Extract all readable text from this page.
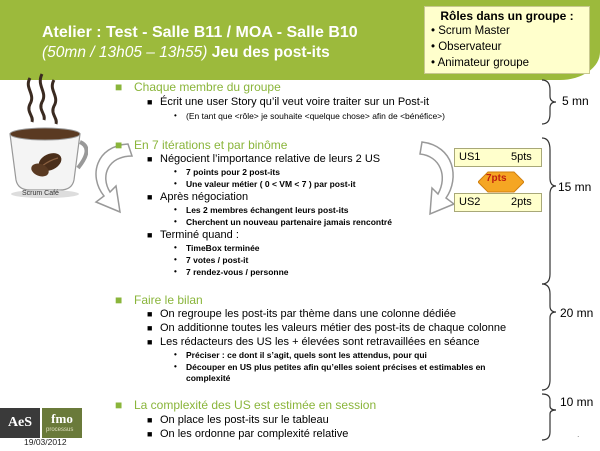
Atelier : Test - Salle B11 / MOA - Salle B10
(50mn / 13h05 – 13h55) Jeu des post-its
Rôles dans un groupe :
• Scrum Master
• Observateur
• Animateur groupe
Scrum Café
US1	5pts
7pts
US2	2pts
■ Chaque membre du groupe
■ Écrit une user Story qu’il veut voire traiter sur un Post-it
• (En tant que <rôle> je souhaite <quelque chose> afin de <bénéfice>)
■ En 7 itérations et par binôme
■ Négocient l’importance relative de leurs 2 US
• 7 points pour 2 post-its
• Une valeur métier ( 0 < VM < 7 ) par post-it
■ Après négociation
• Les 2 membres échangent leurs post-its
• Cherchent un nouveau partenaire jamais rencontré
■ Terminé quand :
• TimeBox terminée
• 7 votes / post-it
• 7 rendez-vous / personne
■ Faire le bilan
■ On regroupe les post-its par thème dans une colonne dédiée
■ On additionne toutes les valeurs métier des post-its de chaque colonne
■ Les rédacteurs des US les + élevées sont retravaillées en séance
• Préciser : ce dont il s’agit, quels sont les attendus, pour qui
• Découper en US plus petites afin qu’elles soient précises et estimables en
complexité
■ La complexité des US est estimée en session
■ On place les post-its sur le tableau
■ On les ordonne par complexité relative
5 mn
15 mn
20 mn
10 mn
AeS	fmo
processus
19/03/2012
.
